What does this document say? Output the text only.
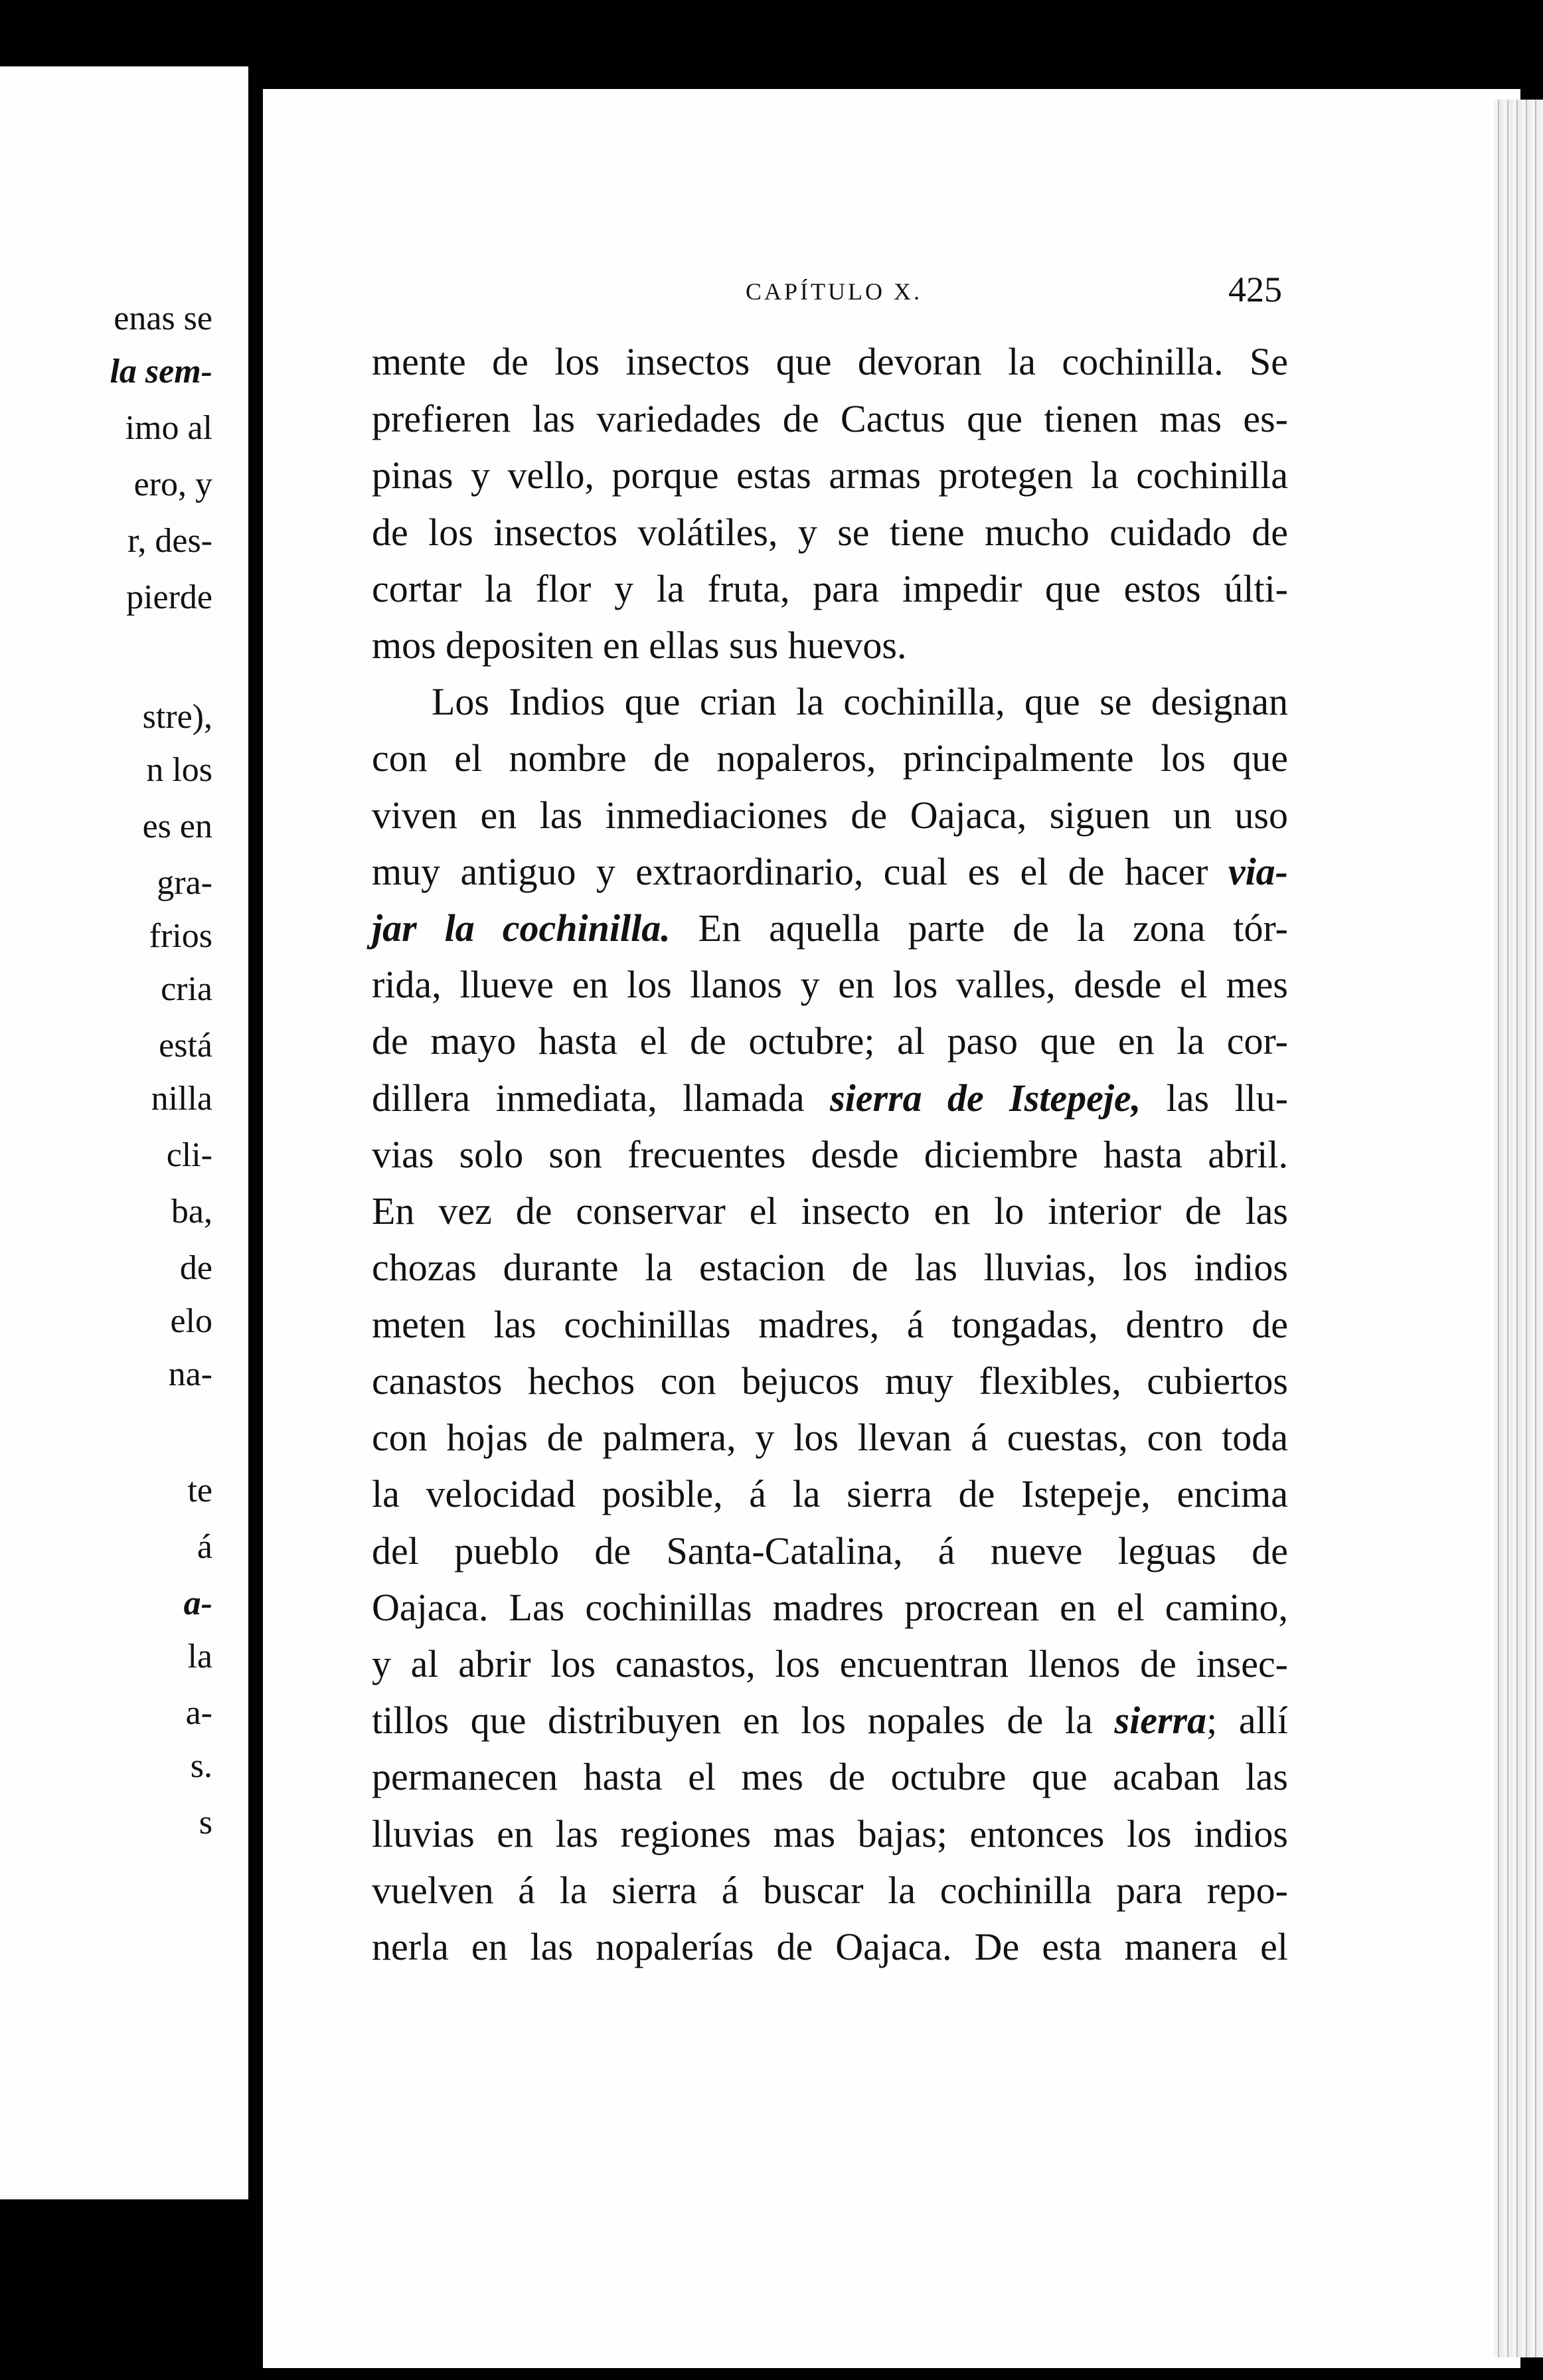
enas se
la sem-
imo al
ero, y
r, des-
pierde
stre),
n los
es en
gra-
frios
cria
está
nilla
cli-
ba,
de
elo
na-
te
á
a-
la
a-
s.
s
CAPÍTULO X.	425
mente de los insectos que devoran la cochinilla. Se
prefieren las variedades de Cactus que tienen mas es-
pinas y vello, porque estas armas protegen la cochinilla
de los insectos volátiles, y se tiene mucho cuidado de
cortar la flor y la fruta, para impedir que estos últi-
mos depositen en ellas sus huevos.
Los Indios que crian la cochinilla, que se designan
con el nombre de nopaleros, principalmente los que
viven en las inmediaciones de Oajaca, siguen un uso
muy antiguo y extraordinario, cual es el de hacer via-
jar la cochinilla. En aquella parte de la zona tór-
rida, llueve en los llanos y en los valles, desde el mes
de mayo hasta el de octubre; al paso que en la cor-
dillera inmediata, llamada sierra de Istepeje, las llu-
vias solo son frecuentes desde diciembre hasta abril.
En vez de conservar el insecto en lo interior de las
chozas durante la estacion de las lluvias, los indios
meten las cochinillas madres, á tongadas, dentro de
canastos hechos con bejucos muy flexibles, cubiertos
con hojas de palmera, y los llevan á cuestas, con toda
la velocidad posible, á la sierra de Istepeje, encima
del pueblo de Santa-Catalina, á nueve leguas de
Oajaca. Las cochinillas madres procrean en el camino,
y al abrir los canastos, los encuentran llenos de insec-
tillos que distribuyen en los nopales de la sierra; allí
permanecen hasta el mes de octubre que acaban las
lluvias en las regiones mas bajas; entonces los indios
vuelven á la sierra á buscar la cochinilla para repo-
nerla en las nopalerías de Oajaca. De esta manera el
